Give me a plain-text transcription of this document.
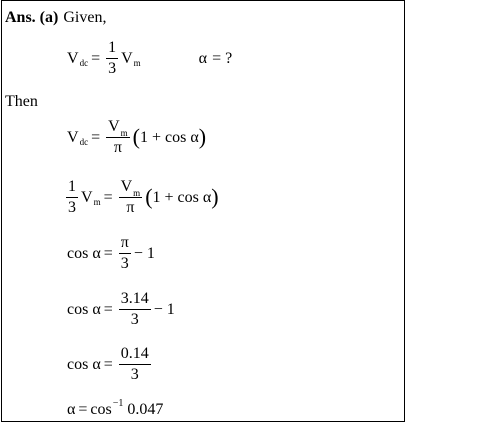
Ans. (a) Given,
V dc = $\frac{1}{3}$ V m	α = ?
Then
V dc = $\frac{V_m}{\pi}$ ( 1 + cos α )
$\frac{1}{3}$ V $m = \frac{V_m}{\pi}$ ( 1 + cos α )
$\cos \alpha = \frac{\pi}{3} - 1$
$\cos \alpha = \frac{3.14}{3} - 1$
$\cos \alpha = \frac{0.14}{3}$
α = cos −1 0.047
